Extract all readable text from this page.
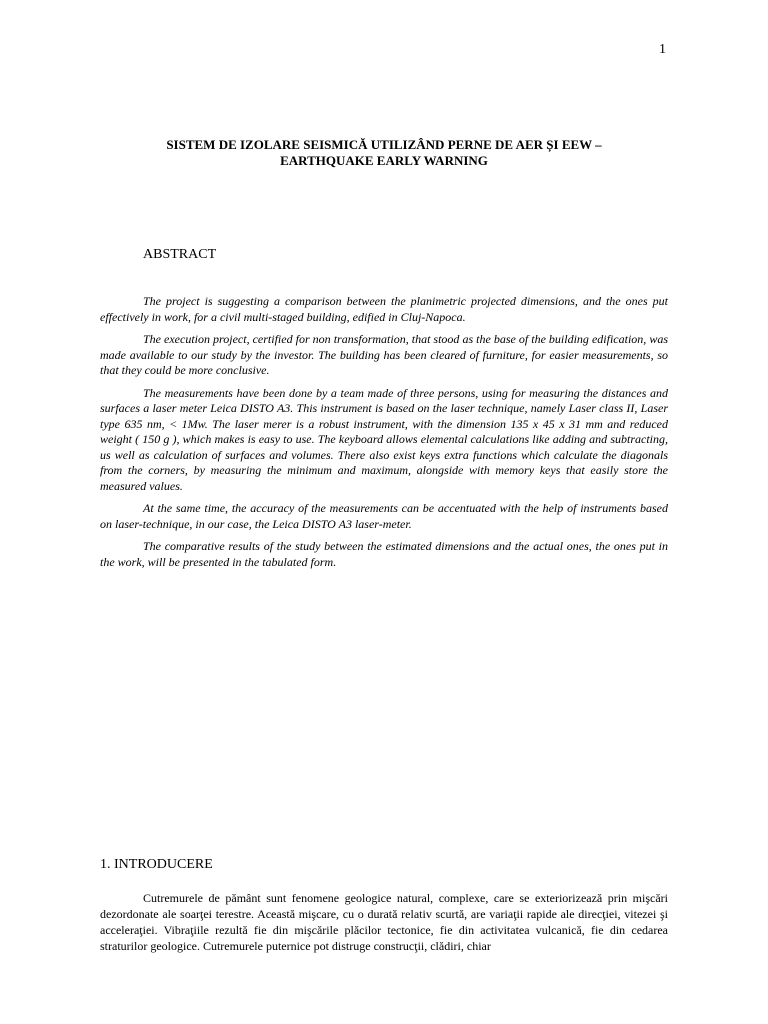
1
SISTEM DE IZOLARE SEISMICĂ UTILIZÂND PERNE DE AER ȘI EEW –
EARTHQUAKE EARLY WARNING
ABSTRACT

The project is suggesting a comparison between the planimetric projected dimensions, and the ones put effectively in work, for a civil multi-staged building, edified in Cluj-Napoca.

The execution project, certified for non transformation, that stood as the base of the building edification, was made available to our study by the investor. The building has been cleared of furniture, for easier measurements, so that they could be more conclusive.

The measurements have been done by a team made of three persons, using for measuring the distances and surfaces a laser meter Leica DISTO A3. This instrument is based on the laser technique, namely Laser class II, Laser type 635 nm, < 1Mw. The laser merer is a robust instrument, with the dimension 135 x 45 x 31 mm and reduced weight ( 150 g ), which makes is easy to use. The keyboard allows elemental calculations like adding and subtracting, us well as calculation of surfaces and volumes. There also exist keys extra functions which calculate the diagonals from the corners, by measuring the minimum and maximum, alongside with memory keys that easily store the measured values.

At the same time, the accuracy of the measurements can be accentuated with the help of instruments based on laser-technique, in our case, the Leica DISTO A3 laser-meter.

The comparative results of the study between the estimated dimensions and the actual ones, the ones put in the work, will be presented in the tabulated form.

1. INTRODUCERE

Cutremurele de pământ sunt fenomene geologice natural, complexe, care se exteriorizează prin mişcări dezordonate ale soarţei terestre. Această mişcare, cu o durată relativ scurtă, are variaţii rapide ale direcţiei, vitezei şi acceleraţiei. Vibraţiile rezultă fie din mişcările plăcilor tectonice, fie din activitatea vulcanică, fie din cedarea straturilor geologice. Cutremurele puternice pot distruge construcţii, clădiri, chiar
